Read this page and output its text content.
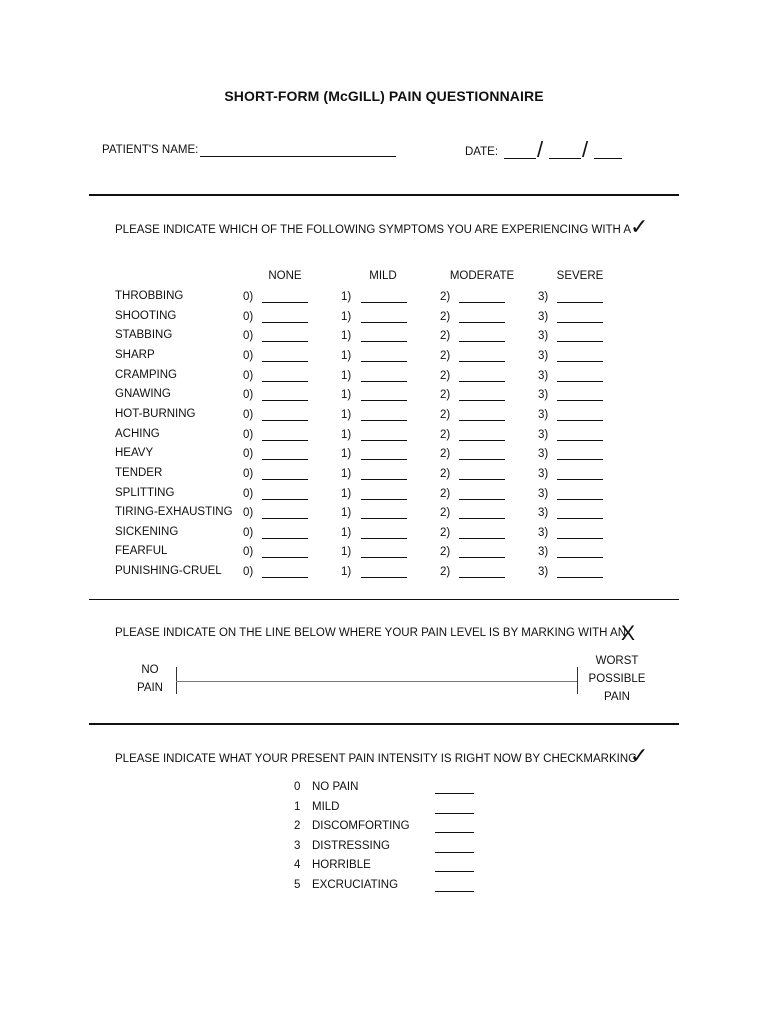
SHORT-FORM (McGILL) PAIN QUESTIONNAIRE
PATIENT'S NAME:	DATE: / /
PLEASE INDICATE WHICH OF THE FOLLOWING SYMPTOMS YOU ARE EXPERIENCING WITH A
✓
NONE	MILD	MODERATE	SEVERE
THROBBING	0)	1)	2)	3)
SHOOTING	0)	1)	2)	3)
STABBING	0)	1)	2)	3)
SHARP	0)	1)	2)	3)
CRAMPING	0)	1)	2)	3)
GNAWING	0)	1)	2)	3)
HOT-BURNING	0)	1)	2)	3)
ACHING	0)	1)	2)	3)
HEAVY	0)	1)	2)	3)
TENDER	0)	1)	2)	3)
SPLITTING	0)	1)	2)	3)
TIRING-EXHAUSTING 0)	1)	2)	3)
SICKENING	0)	1)	2)	3)
FEARFUL	0)	1)	2)	3)
PUNISHING-CRUEL 0)	1)	2)	3)
PLEASE INDICATE ON THE LINE BELOW WHERE YOUR PAIN LEVEL IS BY MARKING WITH AN
X
NO
PAIN
WORST
POSSIBLE
PAIN
PLEASE INDICATE WHAT YOUR PRESENT PAIN INTENSITY IS RIGHT NOW BY CHECKMARKING
✓
0 NO PAIN
1 MILD
2 DISCOMFORTING
3 DISTRESSING
4 HORRIBLE
5 EXCRUCIATING
